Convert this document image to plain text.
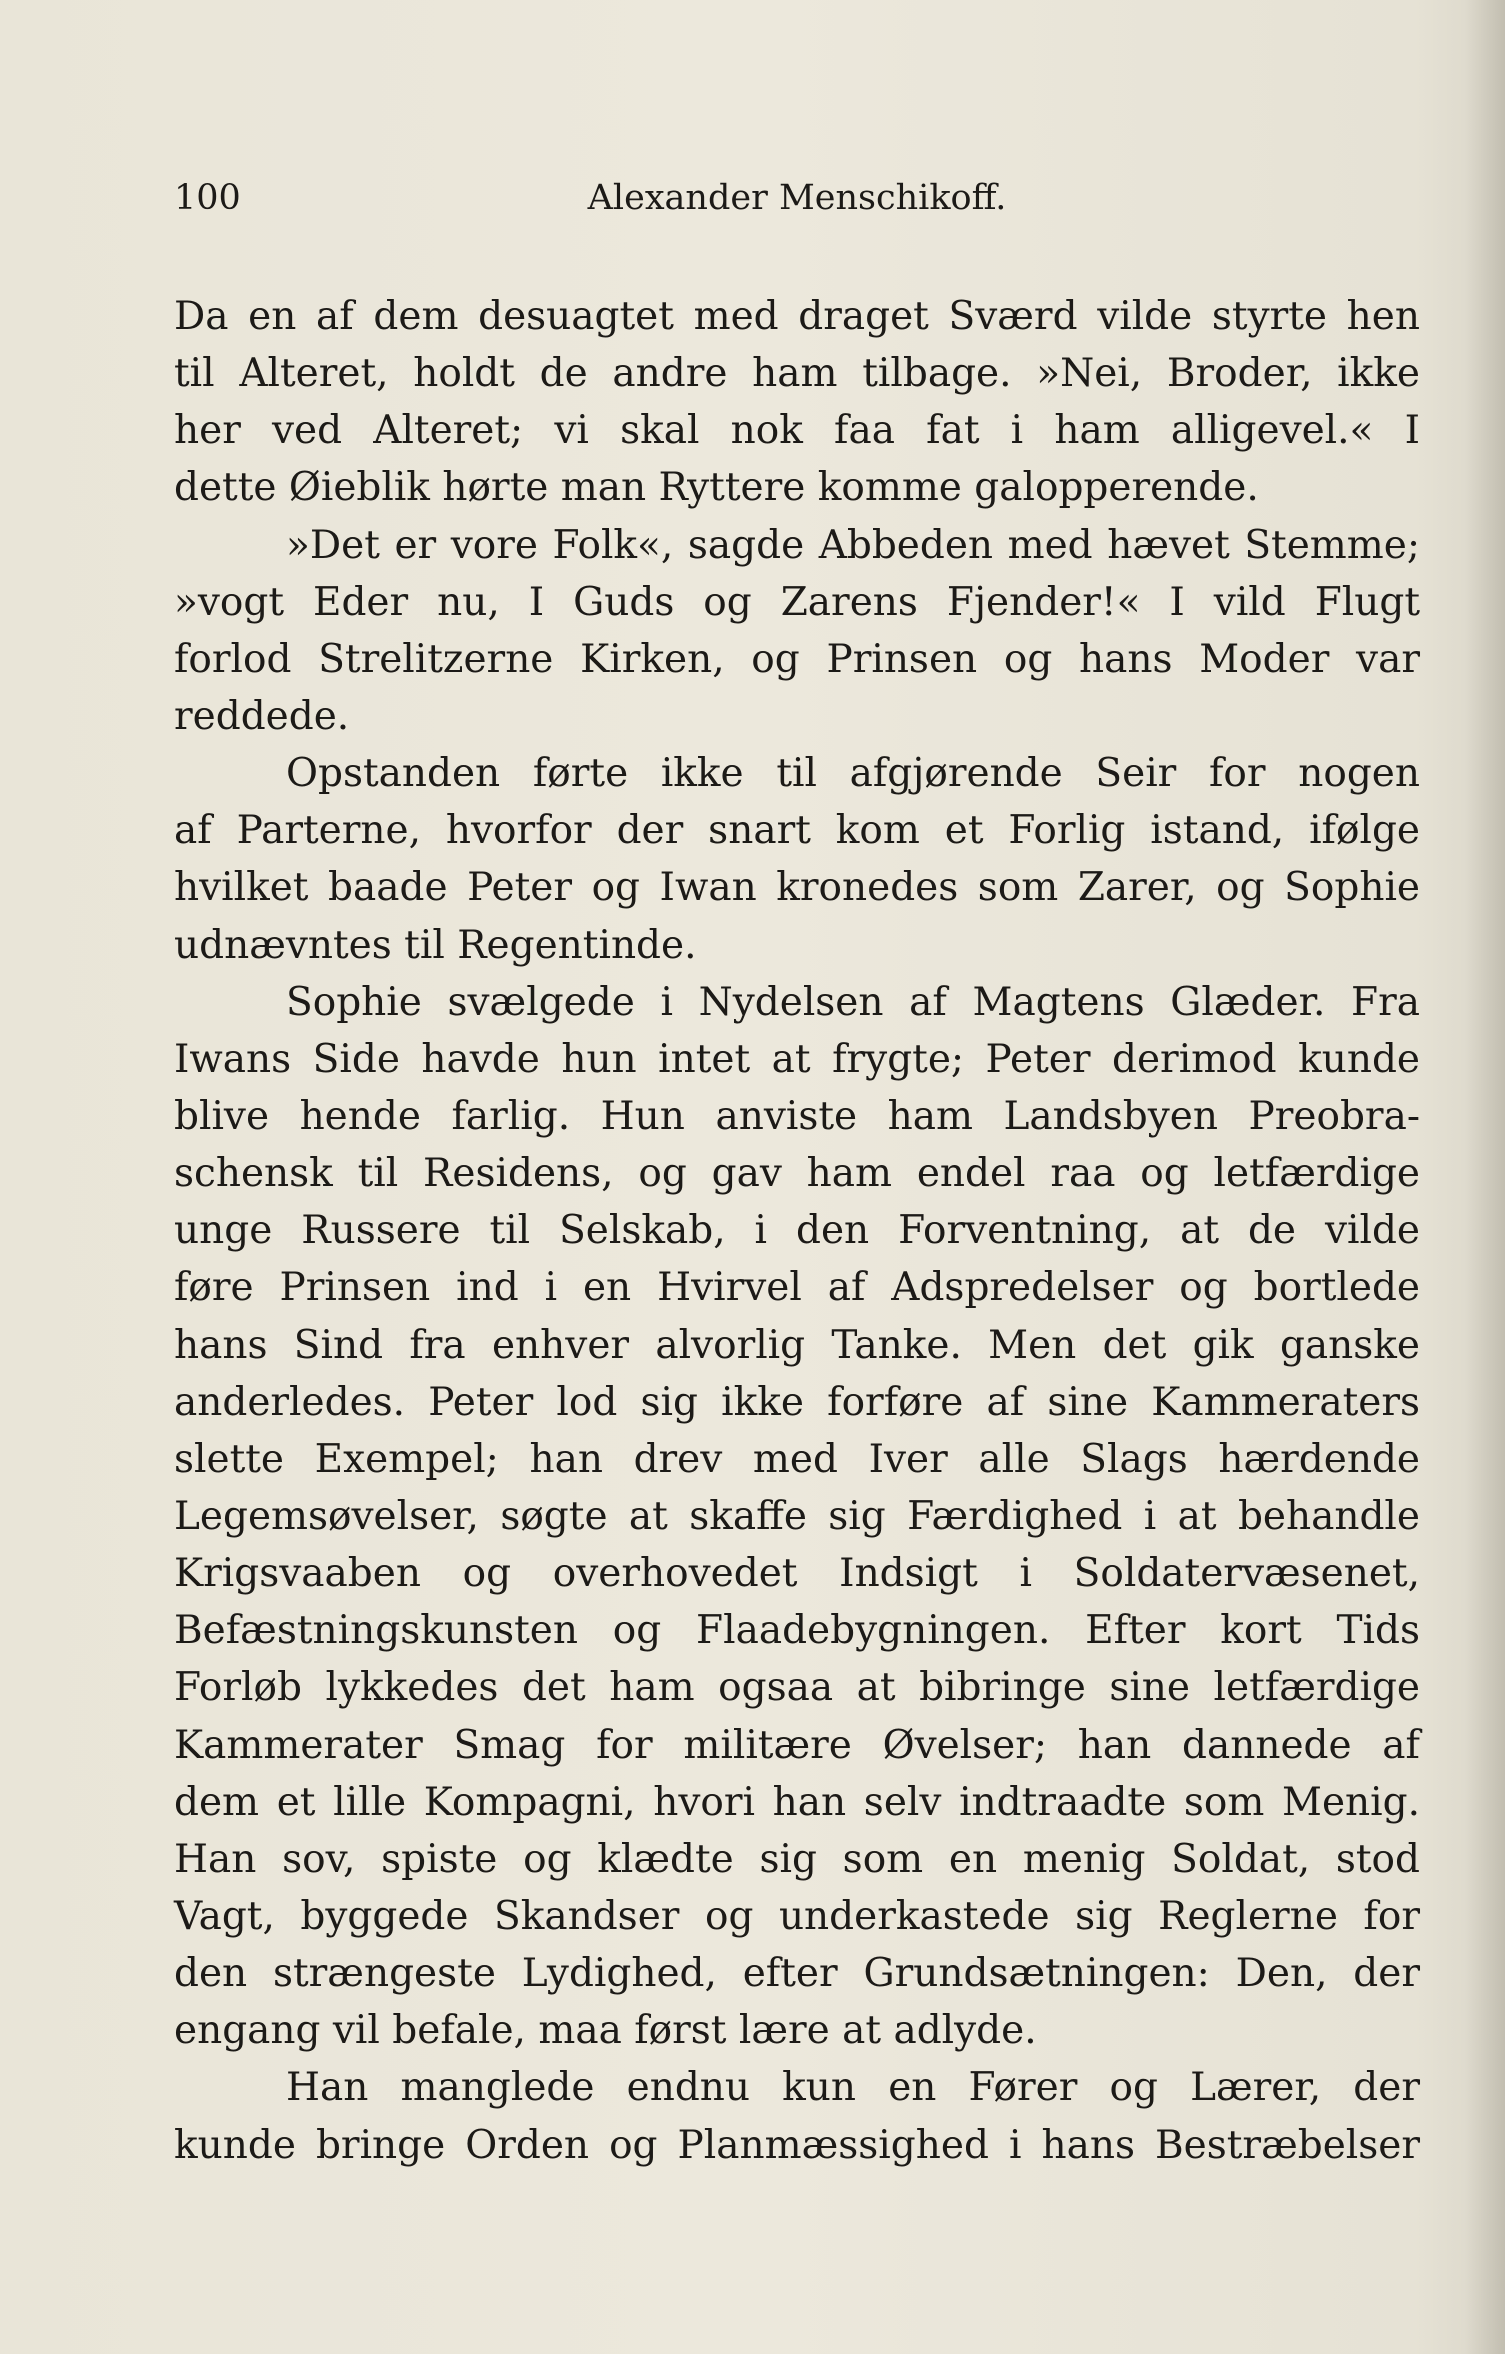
100	Alexander Menschikoff.
Da en af dem desuagtet med draget Sværd vilde styrte hen
til Alteret, holdt de andre ham tilbage. »Nei, Broder, ikke
her ved Alteret; vi skal nok faa fat i ham alligevel.« I
dette Øieblik hørte man Ryttere komme galopperende.
»Det er vore Folk«, sagde Abbeden med hævet Stemme;
»vogt Eder nu, I Guds og Zarens Fjender!« I vild Flugt
forlod Strelitzerne Kirken, og Prinsen og hans Moder var
reddede.
Opstanden førte ikke til afgjørende Seir for nogen
af Parterne, hvorfor der snart kom et Forlig istand, ifølge
hvilket baade Peter og Iwan kronedes som Zarer, og Sophie
udnævntes til Regentinde.
Sophie svælgede i Nydelsen af Magtens Glæder. Fra
Iwans Side havde hun intet at frygte; Peter derimod kunde
blive hende farlig. Hun anviste ham Landsbyen Preobra-
schensk til Residens, og gav ham endel raa og letfærdige
unge Russere til Selskab, i den Forventning, at de vilde
føre Prinsen ind i en Hvirvel af Adspredelser og bortlede
hans Sind fra enhver alvorlig Tanke. Men det gik ganske
anderledes. Peter lod sig ikke forføre af sine Kammeraters
slette Exempel; han drev med Iver alle Slags hærdende
Legemsøvelser, søgte at skaffe sig Færdighed i at behandle
Krigsvaaben og overhovedet Indsigt i Soldatervæsenet,
Befæstningskunsten og Flaadebygningen. Efter kort Tids
Forløb lykkedes det ham ogsaa at bibringe sine letfærdige
Kammerater Smag for militære Øvelser; han dannede af
dem et lille Kompagni, hvori han selv indtraadte som Menig.
Han sov, spiste og klædte sig som en menig Soldat, stod
Vagt, byggede Skandser og underkastede sig Reglerne for
den strængeste Lydighed, efter Grundsætningen: Den, der
engang vil befale, maa først lære at adlyde.
Han manglede endnu kun en Fører og Lærer, der
kunde bringe Orden og Planmæssighed i hans Bestræbelser
